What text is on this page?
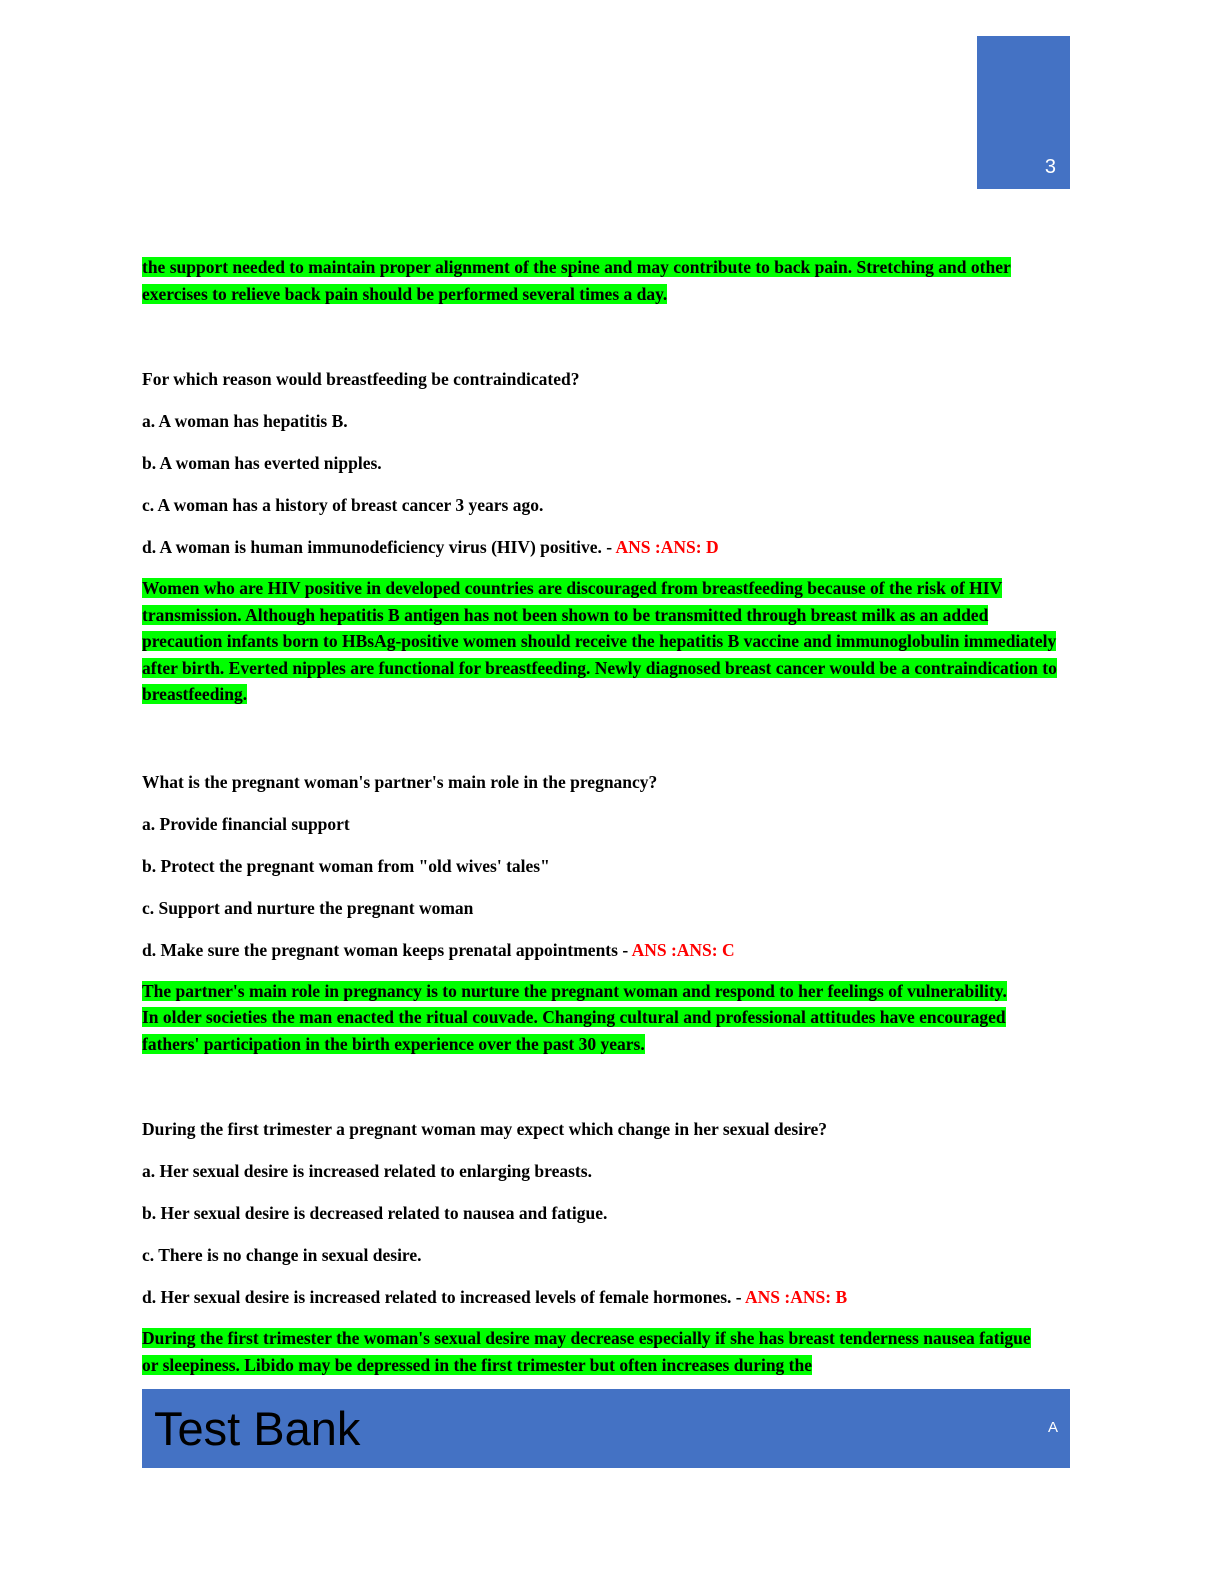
3

the support needed to maintain proper alignment of the spine and may contribute to back pain. Stretching and other exercises to relieve back pain should be performed several times a day.

For which reason would breastfeeding be contraindicated?

a. A woman has hepatitis B.

b. A woman has everted nipples.

c. A woman has a history of breast cancer 3 years ago.

d. A woman is human immunodeficiency virus (HIV) positive. - ANS :ANS: D

Women who are HIV positive in developed countries are discouraged from breastfeeding because of the risk of HIV transmission. Although hepatitis B antigen has not been shown to be transmitted through breast milk as an added precaution infants born to HBsAg-positive women should receive the hepatitis B vaccine and immunoglobulin immediately after birth. Everted nipples are functional for breastfeeding. Newly diagnosed breast cancer would be a contraindication to breastfeeding.

What is the pregnant woman's partner's main role in the pregnancy?

a. Provide financial support

b. Protect the pregnant woman from "old wives' tales"

c. Support and nurture the pregnant woman

d. Make sure the pregnant woman keeps prenatal appointments - ANS :ANS: C

The partner's main role in pregnancy is to nurture the pregnant woman and respond to her feelings of vulnerability. In older societies the man enacted the ritual couvade. Changing cultural and professional attitudes have encouraged fathers' participation in the birth experience over the past 30 years.

During the first trimester a pregnant woman may expect which change in her sexual desire?

a. Her sexual desire is increased related to enlarging breasts.

b. Her sexual desire is decreased related to nausea and fatigue.

c. There is no change in sexual desire.

d. Her sexual desire is increased related to increased levels of female hormones. - ANS :ANS: B

During the first trimester the woman's sexual desire may decrease especially if she has breast tenderness nausea fatigue or sleepiness. Libido may be depressed in the first trimester but often increases during the

Test Bank	A
